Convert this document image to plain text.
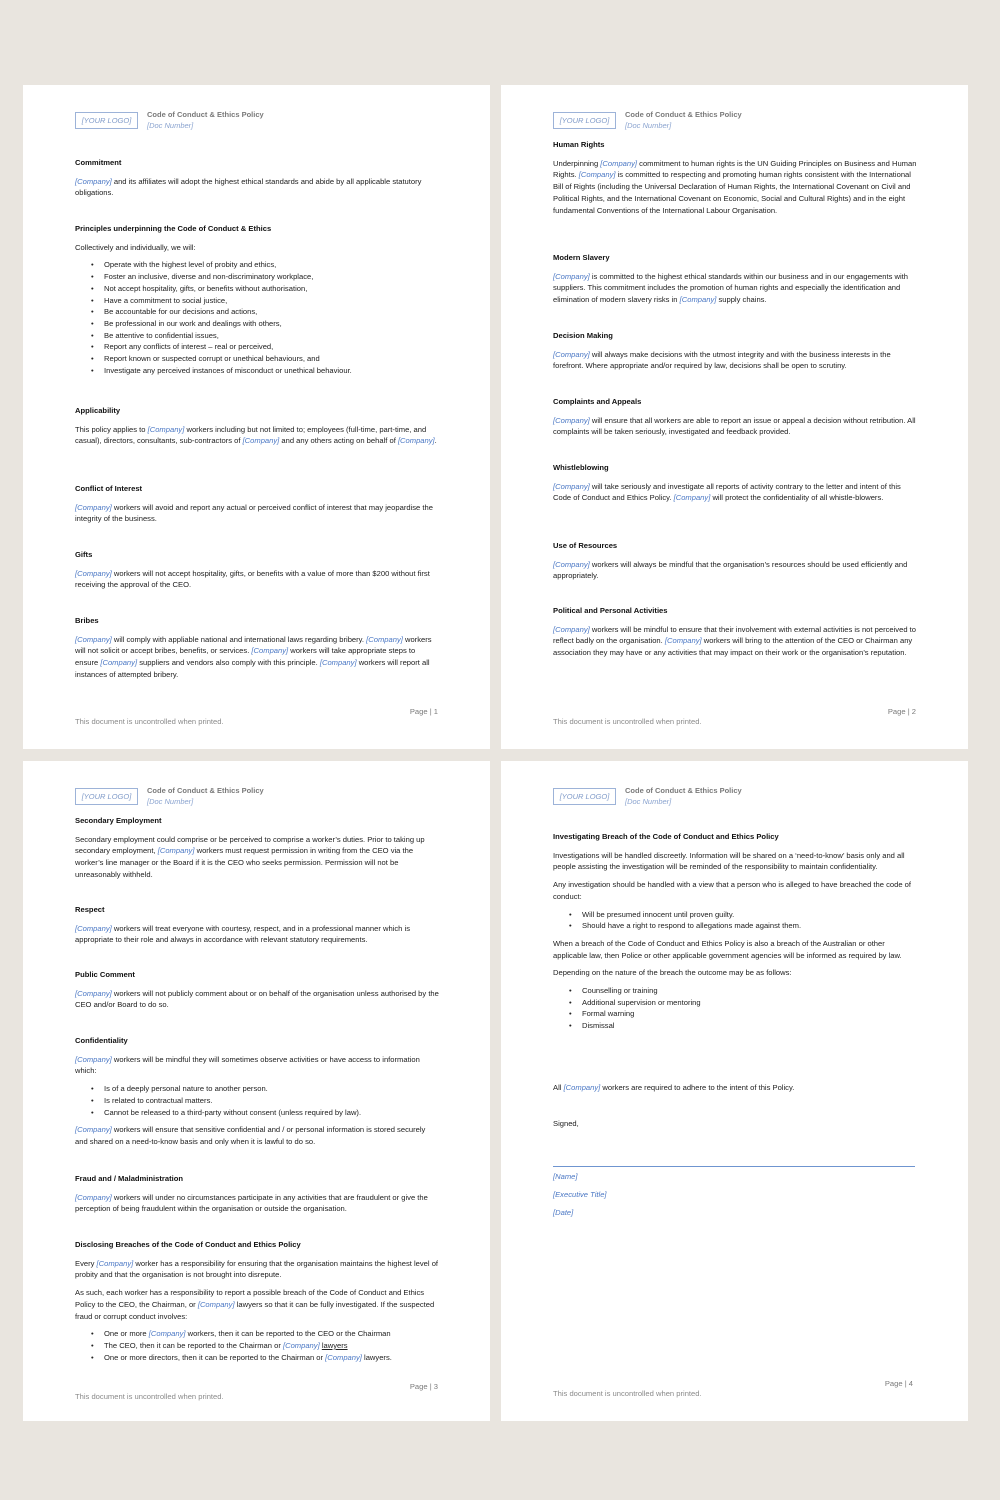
[YOUR LOGO]
Code of Conduct & Ethics Policy
[Doc Number]
Commitment

[Company] and its affiliates will adopt the highest ethical standards and abide by all applicable statutory obligations.

Principles underpinning the Code of Conduct & Ethics

Collectively and individually, we will:

• Operate with the highest level of probity and ethics,
• Foster an inclusive, diverse and non-discriminatory workplace,
• Not accept hospitality, gifts, or benefits without authorisation,
• Have a commitment to social justice,
• Be accountable for our decisions and actions,
• Be professional in our work and dealings with others,
• Be attentive to confidential issues,
• Report any conflicts of interest – real or perceived,
• Report known or suspected corrupt or unethical behaviours, and
• Investigate any perceived instances of misconduct or unethical behaviour.
Applicability

This policy applies to [Company] workers including but not limited to; employees (full-time, part-time, and casual), directors, consultants, sub-contractors of [Company] and any others acting on behalf of [Company].

Conflict of Interest

[Company] workers will avoid and report any actual or perceived conflict of interest that may jeopardise the integrity of the business.

Gifts

[Company] workers will not accept hospitality, gifts, or benefits with a value of more than $200 without first receiving the approval of the CEO.

Bribes

[Company] will comply with appliable national and international laws regarding bribery. [Company] workers will not solicit or accept bribes, benefits, or services. [Company] workers will take appropriate steps to ensure [Company] suppliers and vendors also comply with this principle. [Company] workers will report all instances of attempted bribery.

Page | 1
This document is uncontrolled when printed.
[YOUR LOGO]
Code of Conduct & Ethics Policy
[Doc Number]
Human Rights

Underpinning [Company] commitment to human rights is the UN Guiding Principles on Business and Human Rights. [Company] is committed to respecting and promoting human rights consistent with the International Bill of Rights (including the Universal Declaration of Human Rights, the International Covenant on Civil and Political Rights, and the International Covenant on Economic, Social and Cultural Rights) and in the eight fundamental Conventions of the International Labour Organisation.

Modern Slavery

[Company] is committed to the highest ethical standards within our business and in our engagements with suppliers. This commitment includes the promotion of human rights and especially the identification and elimination of modern slavery risks in [Company] supply chains.

Decision Making

[Company] will always make decisions with the utmost integrity and with the business interests in the forefront. Where appropriate and/or required by law, decisions shall be open to scrutiny.

Complaints and Appeals

[Company] will ensure that all workers are able to report an issue or appeal a decision without retribution. All complaints will be taken seriously, investigated and feedback provided.

Whistleblowing

[Company] will take seriously and investigate all reports of activity contrary to the letter and intent of this Code of Conduct and Ethics Policy. [Company] will protect the confidentiality of all whistle-blowers.

Use of Resources

[Company] workers will always be mindful that the organisation’s resources should be used efficiently and appropriately.

Political and Personal Activities

[Company] workers will be mindful to ensure that their involvement with external activities is not perceived to reflect badly on the organisation. [Company] workers will bring to the attention of the CEO or Chairman any association they may have or any activities that may impact on their work or the organisation’s reputation.

Page | 2
This document is uncontrolled when printed.
[YOUR LOGO]
Code of Conduct & Ethics Policy
[Doc Number]
Secondary Employment

Secondary employment could comprise or be perceived to comprise a worker’s duties. Prior to taking up secondary employment, [Company] workers must request permission in writing from the CEO via the worker’s line manager or the Board if it is the CEO who seeks permission. Permission will not be unreasonably withheld.

Respect

[Company] workers will treat everyone with courtesy, respect, and in a professional manner which is appropriate to their role and always in accordance with relevant statutory requirements.

Public Comment

[Company] workers will not publicly comment about or on behalf of the organisation unless authorised by the CEO and/or Board to do so.

Confidentiality

[Company] workers will be mindful they will sometimes observe activities or have access to information which:

• Is of a deeply personal nature to another person.
• Is related to contractual matters.
• Cannot be released to a third-party without consent (unless required by law).

[Company] workers will ensure that sensitive confidential and / or personal information is stored securely and shared on a need-to-know basis and only when it is lawful to do so.

Fraud and / Maladministration

[Company] workers will under no circumstances participate in any activities that are fraudulent or give the perception of being fraudulent within the organisation or outside the organisation.

Disclosing Breaches of the Code of Conduct and Ethics Policy

Every [Company] worker has a responsibility for ensuring that the organisation maintains the highest level of probity and that the organisation is not brought into disrepute.

As such, each worker has a responsibility to report a possible breach of the Code of Conduct and Ethics Policy to the CEO, the Chairman, or [Company] lawyers so that it can be fully investigated. If the suspected fraud or corrupt conduct involves:

• One or more [Company] workers, then it can be reported to the CEO or the Chairman
• The CEO, then it can be reported to the Chairman or [Company] lawyers
• One or more directors, then it can be reported to the Chairman or [Company] lawyers.
Page | 3
This document is uncontrolled when printed.
[YOUR LOGO]
Code of Conduct & Ethics Policy
[Doc Number]
Investigating Breach of the Code of Conduct and Ethics Policy

Investigations will be handled discreetly. Information will be shared on a ‘need-to-know’ basis only and all people assisting the investigation will be reminded of the responsibility to maintain confidentiality.

Any investigation should be handled with a view that a person who is alleged to have breached the code of conduct:

• Will be presumed innocent until proven guilty.
• Should have a right to respond to allegations made against them.

When a breach of the Code of Conduct and Ethics Policy is also a breach of the Australian or other applicable law, then Police or other applicable government agencies will be informed as required by law.

Depending on the nature of the breach the outcome may be as follows:

• Counselling or training
• Additional supervision or mentoring
• Formal warning
• Dismissal

All [Company] workers are required to adhere to the intent of this Policy.

Signed,

[Name]
[Executive Title]
[Date]
Page | 4
This document is uncontrolled when printed.
